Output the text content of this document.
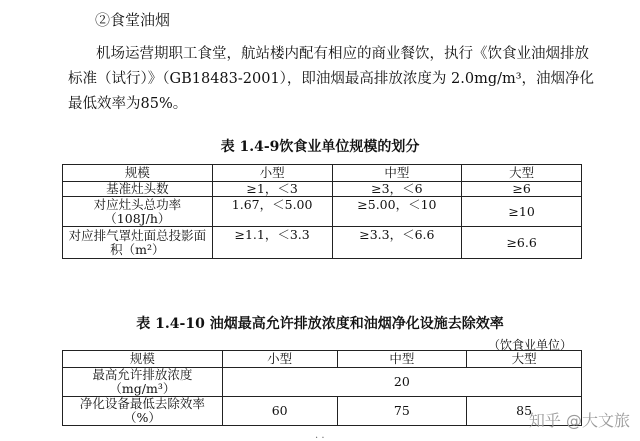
②食堂油烟
机场运营期职工食堂，航站楼内配有相应的商业餐饮，执行《饮食业油烟排放标准（试行）》（GB18483-2001），即油烟最高排放浓度为 2.0mg/m³，油烟净化最低效率为85%。
表 1.4-9饮食业单位规模的划分
规模	小型	中型	大型
基准灶头数	≥1，＜3	≥3，＜6	≥6
对应灶头总功率（108J/h）	1.67，＜5.00	≥5.00，＜10	≥10
对应排气罩灶面总投影面积（m²）	≥1.1，＜3.3	≥3.3，＜6.6	≥6.6
表 1.4-10 油烟最高允许排放浓度和油烟净化设施去除效率
（饮食业单位）
规模	小型	中型	大型
最高允许排放浓度（mg/m³）	20		
净化设备最低去除效率（%）	60	75	85
知乎 @大文旅
. .
